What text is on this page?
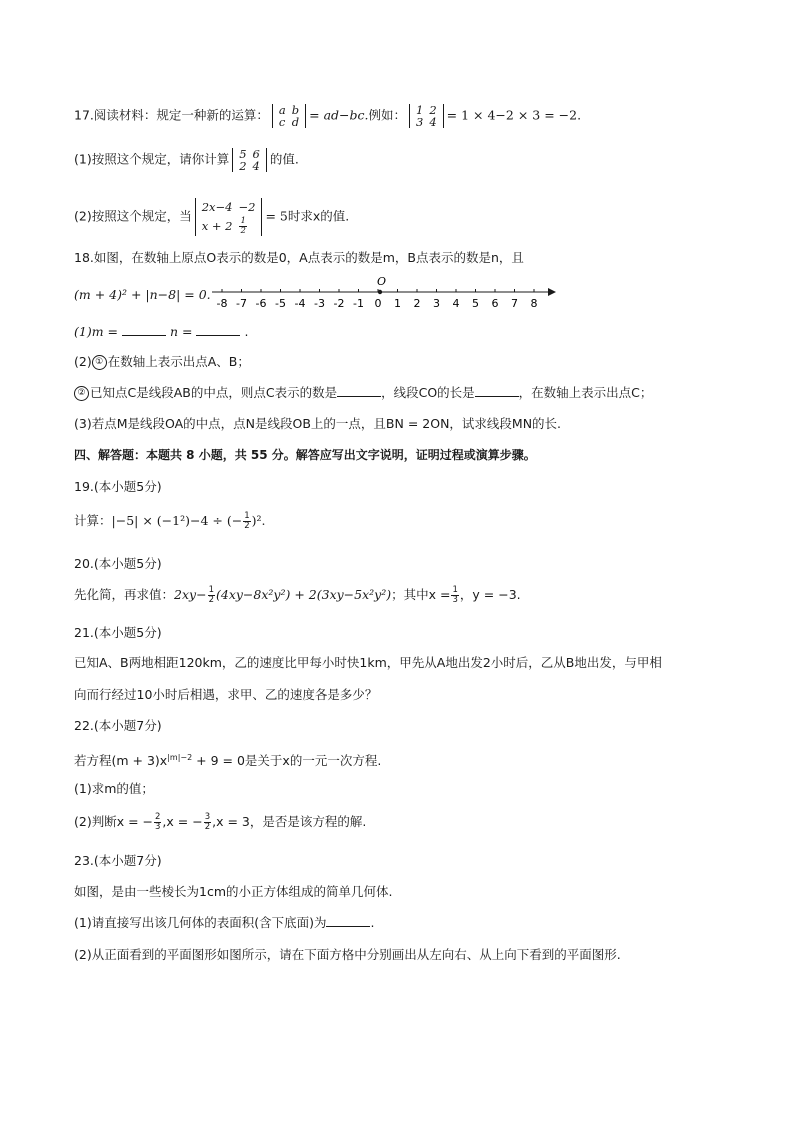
17.阅读材料：规定一种新的运算： a	b
c	d = ad−bc.例如： 1	2
3	4 = 1 × 4−2 × 3 = −2.
(1)按照这个规定，请你计算 5	6
2	4 的值.
(2)按照这个规定，当
2x−4	−2
x + 2	$\frac{1}{2}$
= 5时求x的值.
18.如图，在数轴上原点O表示的数是0，A点表示的数是m，B点表示的数是n，且
(m + 4)² + |n−8| = 0.
O
-8 -7 -6 -5 -4 -3 -2 -1 0 1 2 3 4 5 6 7 8
(1)m =	n =	.
(2) ① 在数轴上表示出点A、B；
② 已知点C是线段AB的中点，则点C表示的数是	，线段CO的长是	，在数轴上表示出点C；
(3)若点M是线段OA的中点，点N是线段OB上的一点，且BN = 2ON，试求线段MN的长.
四、解答题：本题共 8 小题，共 55 分。解答应写出文字说明，证明过程或演算步骤。
19.(本小题5分)
计算：|−5| × (−1²)−4 ÷ (− $\frac{1}{2} )^2$.
20.(本小题5分)
先化简，再求值：$2xy- \frac{1}{2} (4xy-8x^2y^2) + 2(3xy-5x^2y^2)$；其中$x = \frac{1}{3}$ ，y = −3.
21.(本小题5分)
已知A、B两地相距120km，乙的速度比甲每小时快1km，甲先从A地出发2小时后，乙从B地出发，与甲相
向而行经过10小时后相遇，求甲、乙的速度各是多少？
22.(本小题7分)
若方程$(m + 3)x^{|m|-2} + 9 = 0$是关于x的一元一次方程.
(1)求m的值；
(2)判断x = − $\frac{2}{3} ,x$ = − $\frac{3}{2} ,x = 3$，是否是该方程的解.
23.(本小题7分)
如图，是由一些棱长为1cm的小正方体组成的简单几何体.
(1)请直接写出该几何体的表面积(含下底面)为	.
(2)从正面看到的平面图形如图所示，请在下面方格中分别画出从左向右、从上向下看到的平面图形.
